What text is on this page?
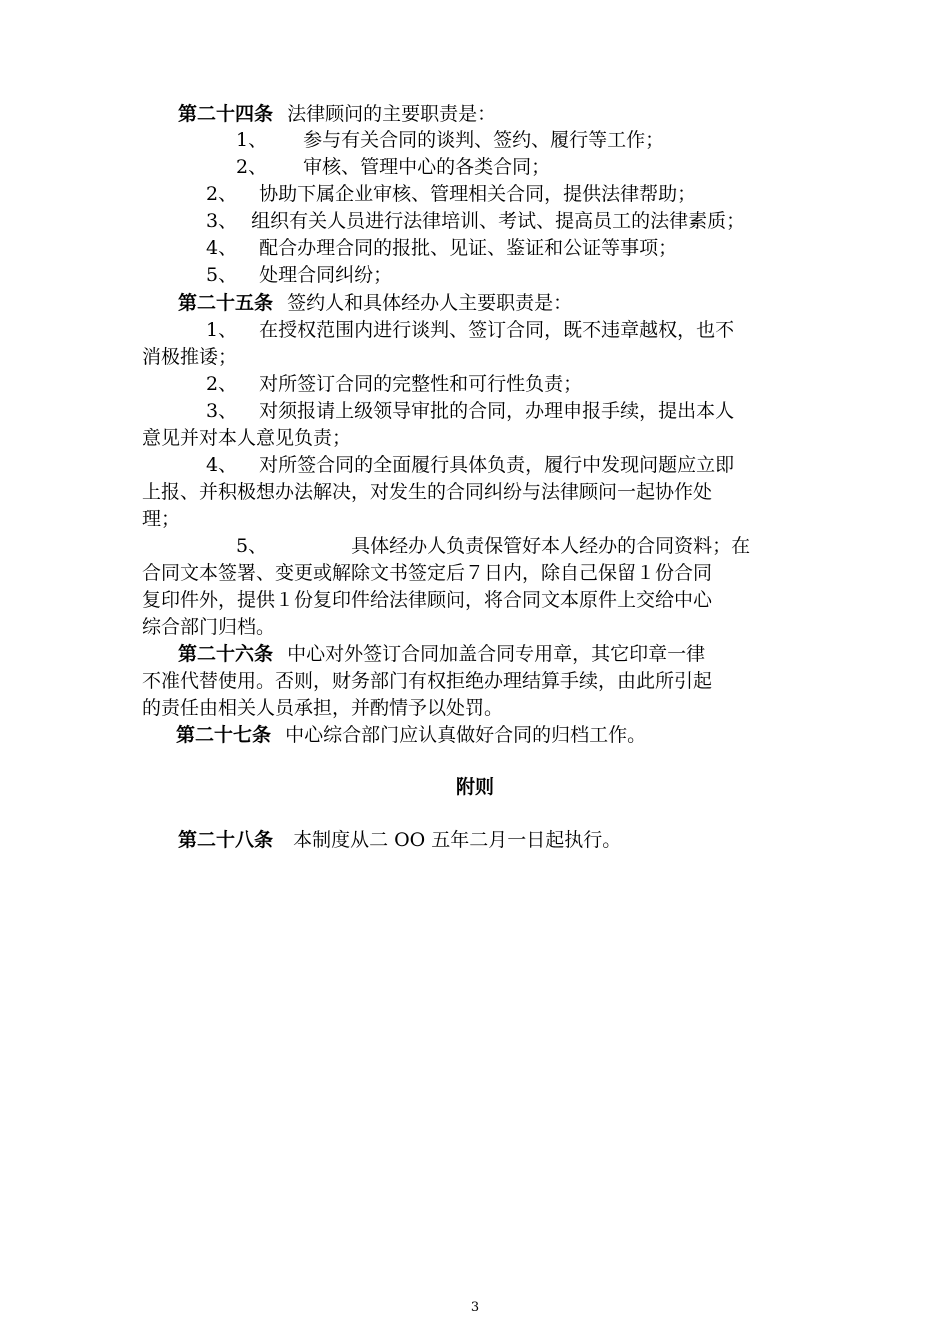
第二十四条 法律顾问的主要职责是：
1、 参与有关合同的谈判、签约、履行等工作；
2、 审核、管理中心的各类合同；
2、 协助下属企业审核、管理相关合同，提供法律帮助；
3、 组织有关人员进行法律培训、考试、提高员工的法律素质；
4、 配合办理合同的报批、见证、鉴证和公证等事项；
5、 处理合同纠纷；
第二十五条 签约人和具体经办人主要职责是：
1、 在授权范围内进行谈判、签订合同，既不违章越权，也不
消极推诿；
2、 对所签订合同的完整性和可行性负责；
3、 对须报请上级领导审批的合同，办理申报手续，提出本人
意见并对本人意见负责；
4、 对所签合同的全面履行具体负责，履行中发现问题应立即
上报、并积极想办法解决，对发生的合同纠纷与法律顾问一起协作处
理；
5、	具体经办人负责保管好本人经办的合同资料；在
合同文本签署、变更或解除文书签定后７日内，除自己保留１份合同
复印件外，提供１份复印件给法律顾问，将合同文本原件上交给中心
综合部门归档。
第二十六条 中心对外签订合同加盖合同专用章，其它印章一律
不准代替使用。否则，财务部门有权拒绝办理结算手续，由此所引起
的责任由相关人员承担，并酌情予以处罚。
第二十七条 中心综合部门应认真做好合同的归档工作。
附则
第二十八条 本制度从二 OO 五年二月一日起执行。
3
